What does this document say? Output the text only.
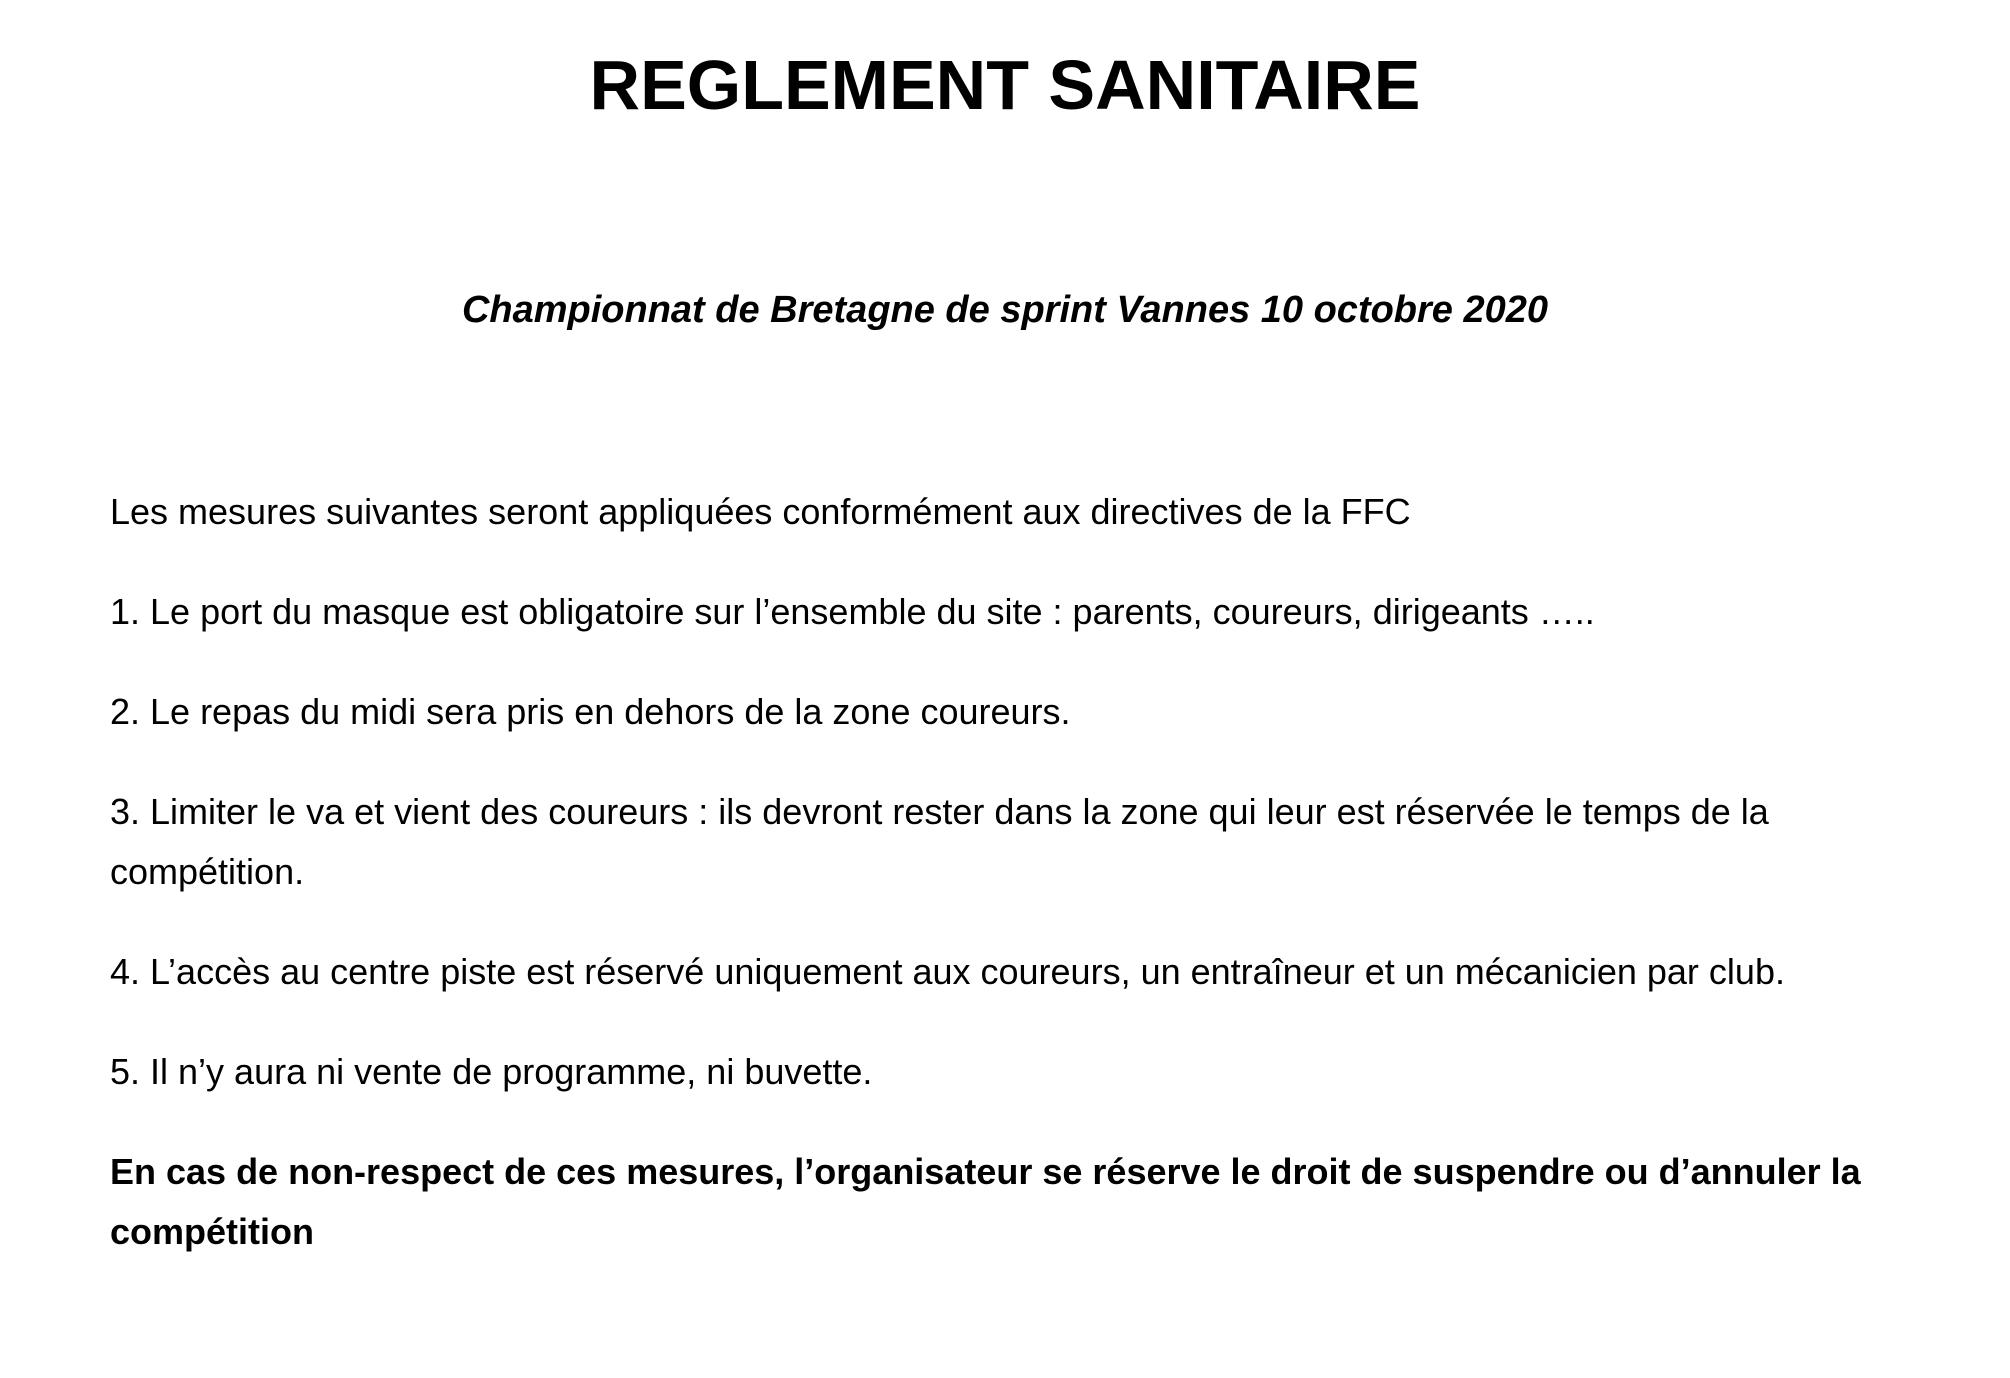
REGLEMENT SANITAIRE
Championnat de Bretagne de sprint Vannes 10 octobre 2020

Les mesures suivantes seront appliquées conformément aux directives de la FFC

1. Le port du masque est obligatoire sur l’ensemble du site : parents, coureurs, dirigeants …..

2. Le repas du midi sera pris en dehors de la zone coureurs.

3. Limiter le va et vient des coureurs : ils devront rester dans la zone qui leur est réservée le temps de la compétition.

4. L’accès au centre piste est réservé uniquement aux coureurs, un entraîneur et un mécanicien par club.

5. Il n’y aura ni vente de programme, ni buvette.

En cas de non-respect de ces mesures, l’organisateur se réserve le droit de suspendre ou d’annuler la compétition
